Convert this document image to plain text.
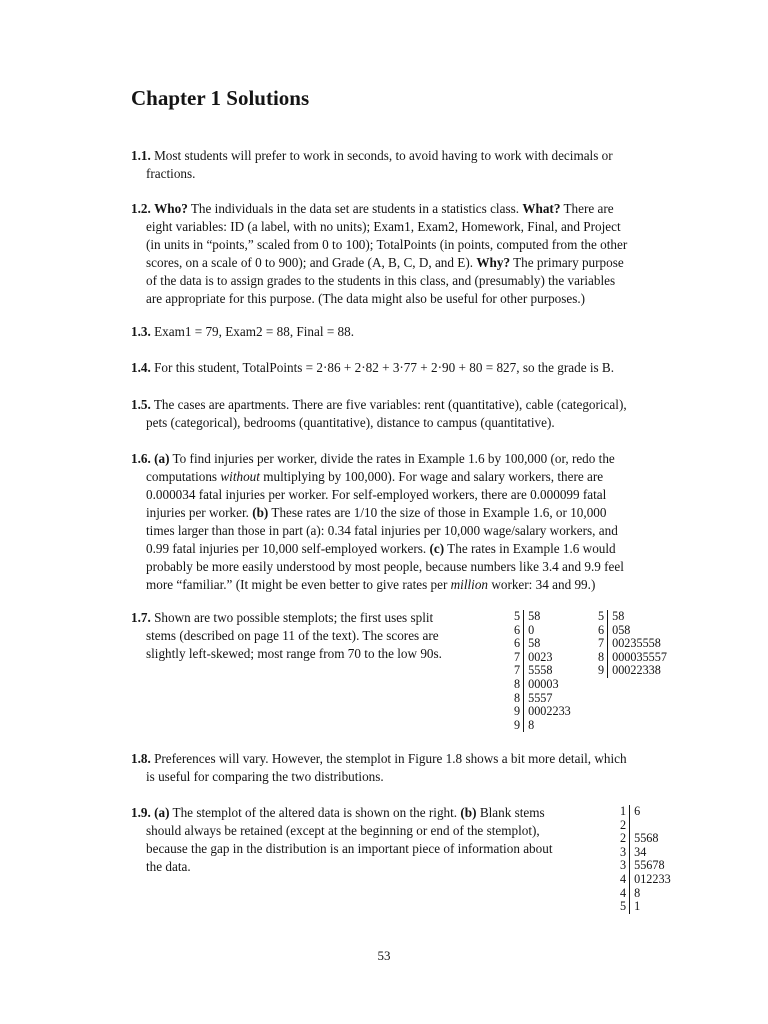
Chapter 1 Solutions

1.1. Most students will prefer to work in seconds, to avoid having to work with decimals or
fractions.

1.2. Who? The individuals in the data set are students in a statistics class. What? There are
eight variables: ID (a label, with no units); Exam1, Exam2, Homework, Final, and Project
(in units in “points,” scaled from 0 to 100); TotalPoints (in points, computed from the other
scores, on a scale of 0 to 900); and Grade (A, B, C, D, and E). Why? The primary purpose
of the data is to assign grades to the students in this class, and (presumably) the variables
are appropriate for this purpose. (The data might also be useful for other purposes.)

1.3. Exam1 = 79, Exam2 = 88, Final = 88.

1.4. For this student, TotalPoints = 2·86 + 2·82 + 3·77 + 2·90 + 80 = 827, so the grade is B.

1.5. The cases are apartments. There are five variables: rent (quantitative), cable (categorical),
pets (categorical), bedrooms (quantitative), distance to campus (quantitative).

1.6. (a) To find injuries per worker, divide the rates in Example 1.6 by 100,000 (or, redo the
computations without multiplying by 100,000). For wage and salary workers, there are
0.000034 fatal injuries per worker. For self-employed workers, there are 0.000099 fatal
injuries per worker. (b) These rates are 1/10 the size of those in Example 1.6, or 10,000
times larger than those in part (a): 0.34 fatal injuries per 10,000 wage/salary workers, and
0.99 fatal injuries per 10,000 self-employed workers. (c) The rates in Example 1.6 would
probably be more easily understood by most people, because numbers like 3.4 and 9.9 feel
more “familiar.” (It might be even better to give rates per million worker: 34 and 99.)

1.7. Shown are two possible stemplots; the first uses split
stems (described on page 11 of the text). The scores are
slightly left-skewed; most range from 70 to the low 90s.

5	58
6	0
6	58
7	0023
7	5558
8	00003
8	5557
9	0002233
9	8
5	58
6	058
7	00235558
8	000035557
9	00022338

1.8. Preferences will vary. However, the stemplot in Figure 1.8 shows a bit more detail, which
is useful for comparing the two distributions.

1.9. (a) The stemplot of the altered data is shown on the right. (b) Blank stems
should always be retained (except at the beginning or end of the stemplot),
because the gap in the distribution is an important piece of information about
the data.

1	6
2	
2	5568
3	34
3	55678
4	012233
4	8
5	1
53
